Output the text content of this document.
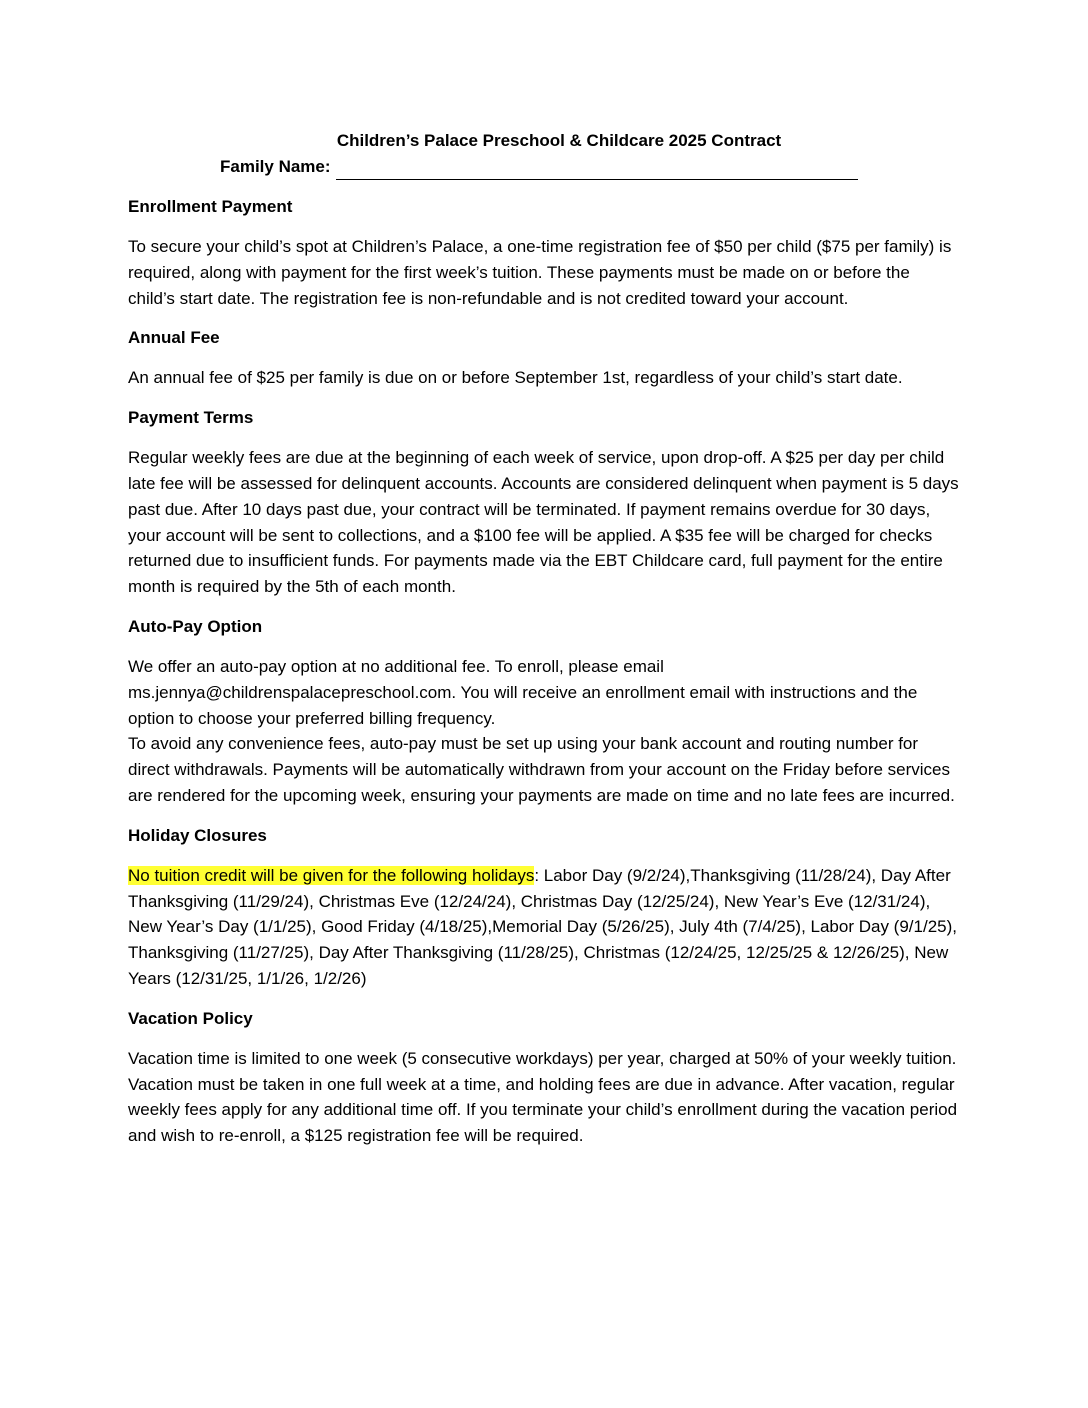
Children’s Palace Preschool & Childcare 2025 Contract
Family Name:
Enrollment Payment

To secure your child’s spot at Children’s Palace, a one-time registration fee of $50 per child ($75 per family) is required, along with payment for the first week’s tuition. These payments must be made on or before the child’s start date. The registration fee is non-refundable and is not credited toward your account.

Annual Fee

An annual fee of $25 per family is due on or before September 1st, regardless of your child’s start date.

Payment Terms

Regular weekly fees are due at the beginning of each week of service, upon drop-off. A $25 per day per child late fee will be assessed for delinquent accounts. Accounts are considered delinquent when payment is 5 days past due. After 10 days past due, your contract will be terminated. If payment remains overdue for 30 days, your account will be sent to collections, and a $100 fee will be applied. A $35 fee will be charged for checks returned due to insufficient funds. For payments made via the EBT Childcare card, full payment for the entire month is required by the 5th of each month.

Auto-Pay Option

We offer an auto-pay option at no additional fee. To enroll, please email ms.jennya@childrenspalacepreschool.com. You will receive an enrollment email with instructions and the option to choose your preferred billing frequency.

To avoid any convenience fees, auto-pay must be set up using your bank account and routing number for direct withdrawals. Payments will be automatically withdrawn from your account on the Friday before services are rendered for the upcoming week, ensuring your payments are made on time and no late fees are incurred.

Holiday Closures

No tuition credit will be given for the following holidays: Labor Day (9/2/24),Thanksgiving (11/28/24), Day After Thanksgiving (11/29/24), Christmas Eve (12/24/24), Christmas Day (12/25/24), New Year’s Eve (12/31/24), New Year’s Day (1/1/25), Good Friday (4/18/25),Memorial Day (5/26/25), July 4th (7/4/25), Labor Day (9/1/25), Thanksgiving (11/27/25), Day After Thanksgiving (11/28/25), Christmas (12/24/25, 12/25/25 & 12/26/25), New Years (12/31/25, 1/1/26, 1/2/26)

Vacation Policy

Vacation time is limited to one week (5 consecutive workdays) per year, charged at 50% of your weekly tuition. Vacation must be taken in one full week at a time, and holding fees are due in advance. After vacation, regular weekly fees apply for any additional time off. If you terminate your child’s enrollment during the vacation period and wish to re-enroll, a $125 registration fee will be required.
